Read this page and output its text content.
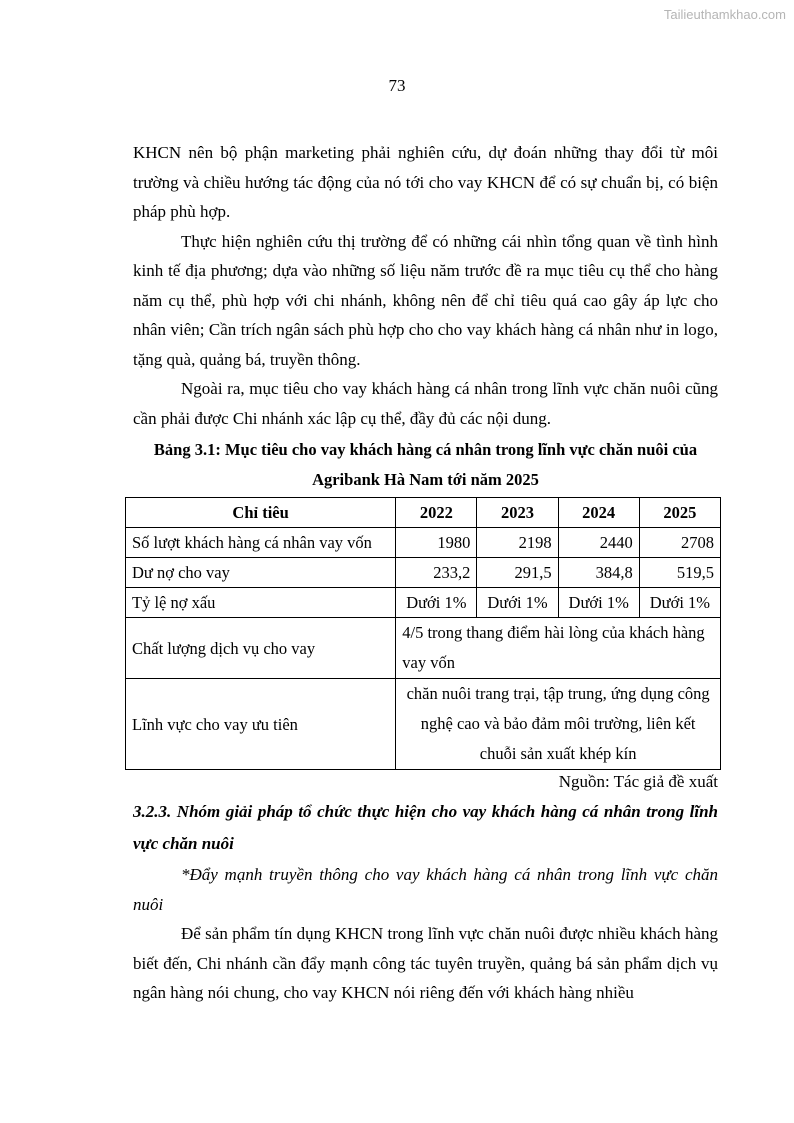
Tailieuthamkhao.com
73

KHCN nên bộ phận marketing phải nghiên cứu, dự đoán những thay đổi từ môi trường và chiều hướng tác động của nó tới cho vay KHCN để có sự chuẩn bị, có biện pháp phù hợp.

Thực hiện nghiên cứu thị trường để có những cái nhìn tổng quan về tình hình kinh tế địa phương; dựa vào những số liệu năm trước đề ra mục tiêu cụ thể cho hàng năm cụ thể, phù hợp với chi nhánh, không nên để chỉ tiêu quá cao gây áp lực cho nhân viên; Cần trích ngân sách phù hợp cho cho vay khách hàng cá nhân như in logo, tặng quà, quảng bá, truyền thông.

Ngoài ra, mục tiêu cho vay khách hàng cá nhân trong lĩnh vực chăn nuôi cũng cần phải được Chi nhánh xác lập cụ thể, đầy đủ các nội dung.

Bảng 3.1: Mục tiêu cho vay khách hàng cá nhân trong lĩnh vực chăn nuôi của
Agribank Hà Nam tới năm 2025
Chỉ tiêu	2022	2023	2024	2025
Số lượt khách hàng cá nhân vay vốn	1980	2198	2440	2708
Dư nợ cho vay	233,2	291,5	384,8	519,5
Tỷ lệ nợ xấu	Dưới 1%	Dưới 1%	Dưới 1%	Dưới 1%
Chất lượng dịch vụ cho vay	4/5 trong thang điểm hài lòng của khách hàng vay vốn			
Lĩnh vực cho vay ưu tiên	chăn nuôi trang trại, tập trung, ứng dụng công nghệ cao và bảo đảm môi trường, liên kết chuỗi sản xuất khép kín			

Nguồn: Tác giả đề xuất

3.2.3. Nhóm giải pháp tổ chức thực hiện cho vay khách hàng cá nhân trong lĩnh vực chăn nuôi

*Đẩy mạnh truyền thông cho vay khách hàng cá nhân trong lĩnh vực chăn nuôi

Để sản phẩm tín dụng KHCN trong lĩnh vực chăn nuôi được nhiều khách hàng biết đến, Chi nhánh cần đẩy mạnh công tác tuyên truyền, quảng bá sản phẩm dịch vụ ngân hàng nói chung, cho vay KHCN nói riêng đến với khách hàng nhiều
